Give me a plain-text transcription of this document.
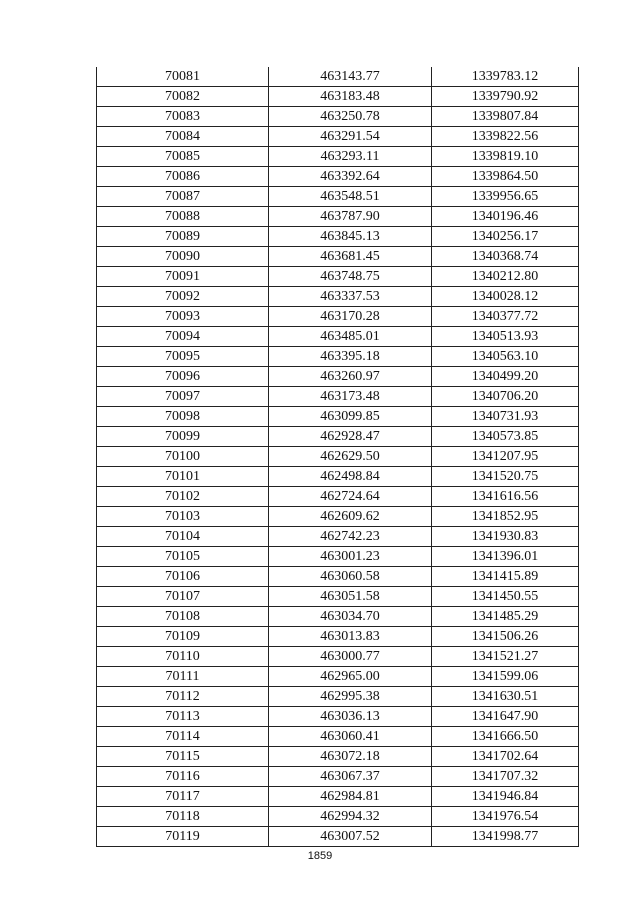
70081	463143.77	1339783.12
70082	463183.48	1339790.92
70083	463250.78	1339807.84
70084	463291.54	1339822.56
70085	463293.11	1339819.10
70086	463392.64	1339864.50
70087	463548.51	1339956.65
70088	463787.90	1340196.46
70089	463845.13	1340256.17
70090	463681.45	1340368.74
70091	463748.75	1340212.80
70092	463337.53	1340028.12
70093	463170.28	1340377.72
70094	463485.01	1340513.93
70095	463395.18	1340563.10
70096	463260.97	1340499.20
70097	463173.48	1340706.20
70098	463099.85	1340731.93
70099	462928.47	1340573.85
70100	462629.50	1341207.95
70101	462498.84	1341520.75
70102	462724.64	1341616.56
70103	462609.62	1341852.95
70104	462742.23	1341930.83
70105	463001.23	1341396.01
70106	463060.58	1341415.89
70107	463051.58	1341450.55
70108	463034.70	1341485.29
70109	463013.83	1341506.26
70110	463000.77	1341521.27
70111	462965.00	1341599.06
70112	462995.38	1341630.51
70113	463036.13	1341647.90
70114	463060.41	1341666.50
70115	463072.18	1341702.64
70116	463067.37	1341707.32
70117	462984.81	1341946.84
70118	462994.32	1341976.54
70119	463007.52	1341998.77
1859
